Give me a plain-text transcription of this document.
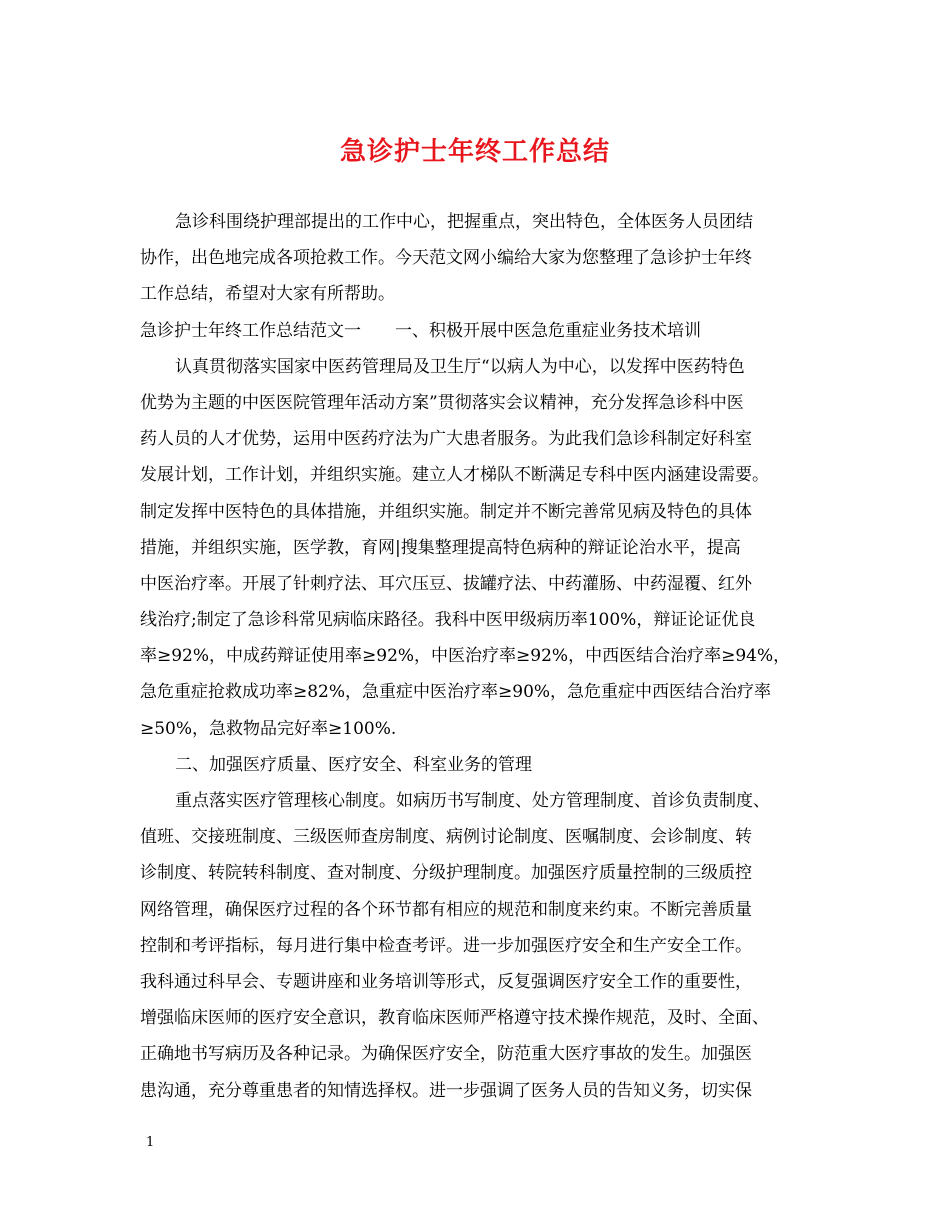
急诊护士年终工作总结
急诊科围绕护理部提出的工作中心，把握重点，突出特色，全体医务人员团结
协作，出色地完成各项抢救工作。今天范文网小编给大家为您整理了急诊护士年终
工作总结，希望对大家有所帮助。
急诊护士年终工作总结范文一 一、积极开展中医急危重症业务技术培训
认真贯彻落实国家中医药管理局及卫生厅“以病人为中心，以发挥中医药特色
优势为主题的中医医院管理年活动方案”贯彻落实会议精神，充分发挥急诊科中医
药人员的人才优势，运用中医药疗法为广大患者服务。为此我们急诊科制定好科室
发展计划，工作计划，并组织实施。建立人才梯队不断满足专科中医内涵建设需要。
制定发挥中医特色的具体措施，并组织实施。制定并不断完善常见病及特色的具体
措施，并组织实施，医学教，育网|搜集整理提高特色病种的辩证论治水平，提高
中医治疗率。开展了针刺疗法、耳穴压豆、拔罐疗法、中药灌肠、中药湿覆、红外
线治疗;制定了急诊科常见病临床路径。我科中医甲级病历率100%，辩证论证优良
率≥92%，中成药辩证使用率≥92%，中医治疗率≥92%，中西医结合治疗率≥94%，
急危重症抢救成功率≥82%，急重症中医治疗率≥90%，急危重症中西医结合治疗率
≥50%，急救物品完好率≥100%.
二、加强医疗质量、医疗安全、科室业务的管理
重点落实医疗管理核心制度。如病历书写制度、处方管理制度、首诊负责制度、
值班、交接班制度、三级医师查房制度、病例讨论制度、医嘱制度、会诊制度、转
诊制度、转院转科制度、查对制度、分级护理制度。加强医疗质量控制的三级质控
网络管理，确保医疗过程的各个环节都有相应的规范和制度来约束。不断完善质量
控制和考评指标，每月进行集中检查考评。进一步加强医疗安全和生产安全工作。
我科通过科早会、专题讲座和业务培训等形式，反复强调医疗安全工作的重要性，
增强临床医师的医疗安全意识，教育临床医师严格遵守技术操作规范，及时、全面、
正确地书写病历及各种记录。为确保医疗安全，防范重大医疗事故的发生。加强医
患沟通，充分尊重患者的知情选择权。进一步强调了医务人员的告知义务，切实保
1
